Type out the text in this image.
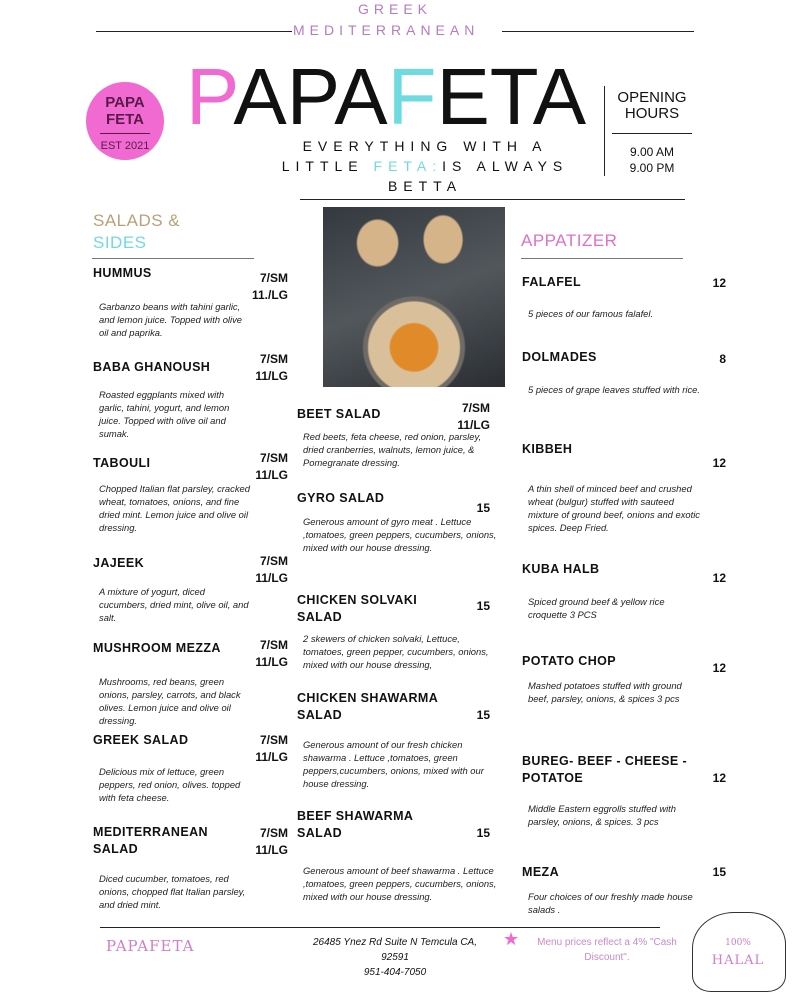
GREEK
MEDITERRANEAN
PAPA
FETA
EST 2021
PAPAFETA
EVERYTHING WITH A
LITTLE FETA:IS ALWAYS
BETTA
OPENING
HOURS
9.00 AM
9.00 PM
SALADS &
SIDES	APPATIZER
HUMMUS	7/SM
11./LG
Garbanzo beans with tahini garlic, and lemon juice. Topped with olive oil and paprika.
BABA GHANOUSH
7/SM
11/LG
Roasted eggplants mixed with garlic, tahini, yogurt, and lemon juice. Topped with olive oil and sumak.
TABOULI	7/SM
11/LG
Chopped Italian flat parsley, cracked wheat, tomatoes, onions, and fine dried mint. Lemon juice and olive oil dressing.
JAJEEK	7/SM
11/LG
A mixture of yogurt, diced cucumbers, dried mint, olive oil, and salt.
MUSHROOM MEZZA	7/SM
11/LG
Mushrooms, red beans, green onions, parsley, carrots, and black olives. Lemon juice and olive oil dressing.
GREEK SALAD	7/SM
11/LG
Delicious mix of lettuce, green peppers, red onion, olives. topped with feta cheese.
MEDITERRANEAN SALAD
7/SM
11/LG
Diced cucumber, tomatoes, red onions, chopped flat Italian parsley, and dried mint.
BEET SALAD	7/SM
11/LG
Red beets, feta cheese, red onion, parsley, dried cranberries, walnuts, lemon juice, & Pomegranate dressing.
GYRO SALAD
15
Generous amount of gyro meat . Lettuce ,tomatoes, green peppers, cucumbers, onions, mixed with our house dressing.
CHICKEN SOLVAKI SALAD
15
2 skewers of chicken solvaki, Lettuce, tomatoes, green pepper, cucumbers, onions, mixed with our house dressing,
CHICKEN SHAWARMA SALAD	15
Generous amount of our fresh chicken shawarma . Lettuce ,tomatoes, green peppers,cucumbers, onions, mixed with our house dressing.
BEEF SHAWARMA SALAD	15
Generous amount of beef shawarma . Lettuce ,tomatoes, green peppers, cucumbers, onions, mixed with our house dressing.
FALAFEL	12
5 pieces of our famous falafel.
DOLMADES	8
5 pieces of grape leaves stuffed with rice.
KIBBEH
12
A thin shell of minced beef and crushed wheat (bulgur) stuffed with sauteed mixture of ground beef, onions and exotic spices. Deep Fried.
KUBA HALB
12
Spiced ground beef & yellow rice croquette 3 PCS
POTATO CHOP	12
Mashed potatoes stuffed with ground beef, parsley, onions, & spices 3 pcs
BUREG- BEEF - CHEESE - POTATOE	12
Middle Eastern eggrolls stuffed with parsley, onions, & spices. 3 pcs
MEZA	15
Four choices of our freshly made house salads .
PAPAFETA	26485 Ynez Rd Suite N Temcula CA,
92591
951-404-7050
★	Menu prices reflect a 4% "Cash Discount".
100%
HALAL
